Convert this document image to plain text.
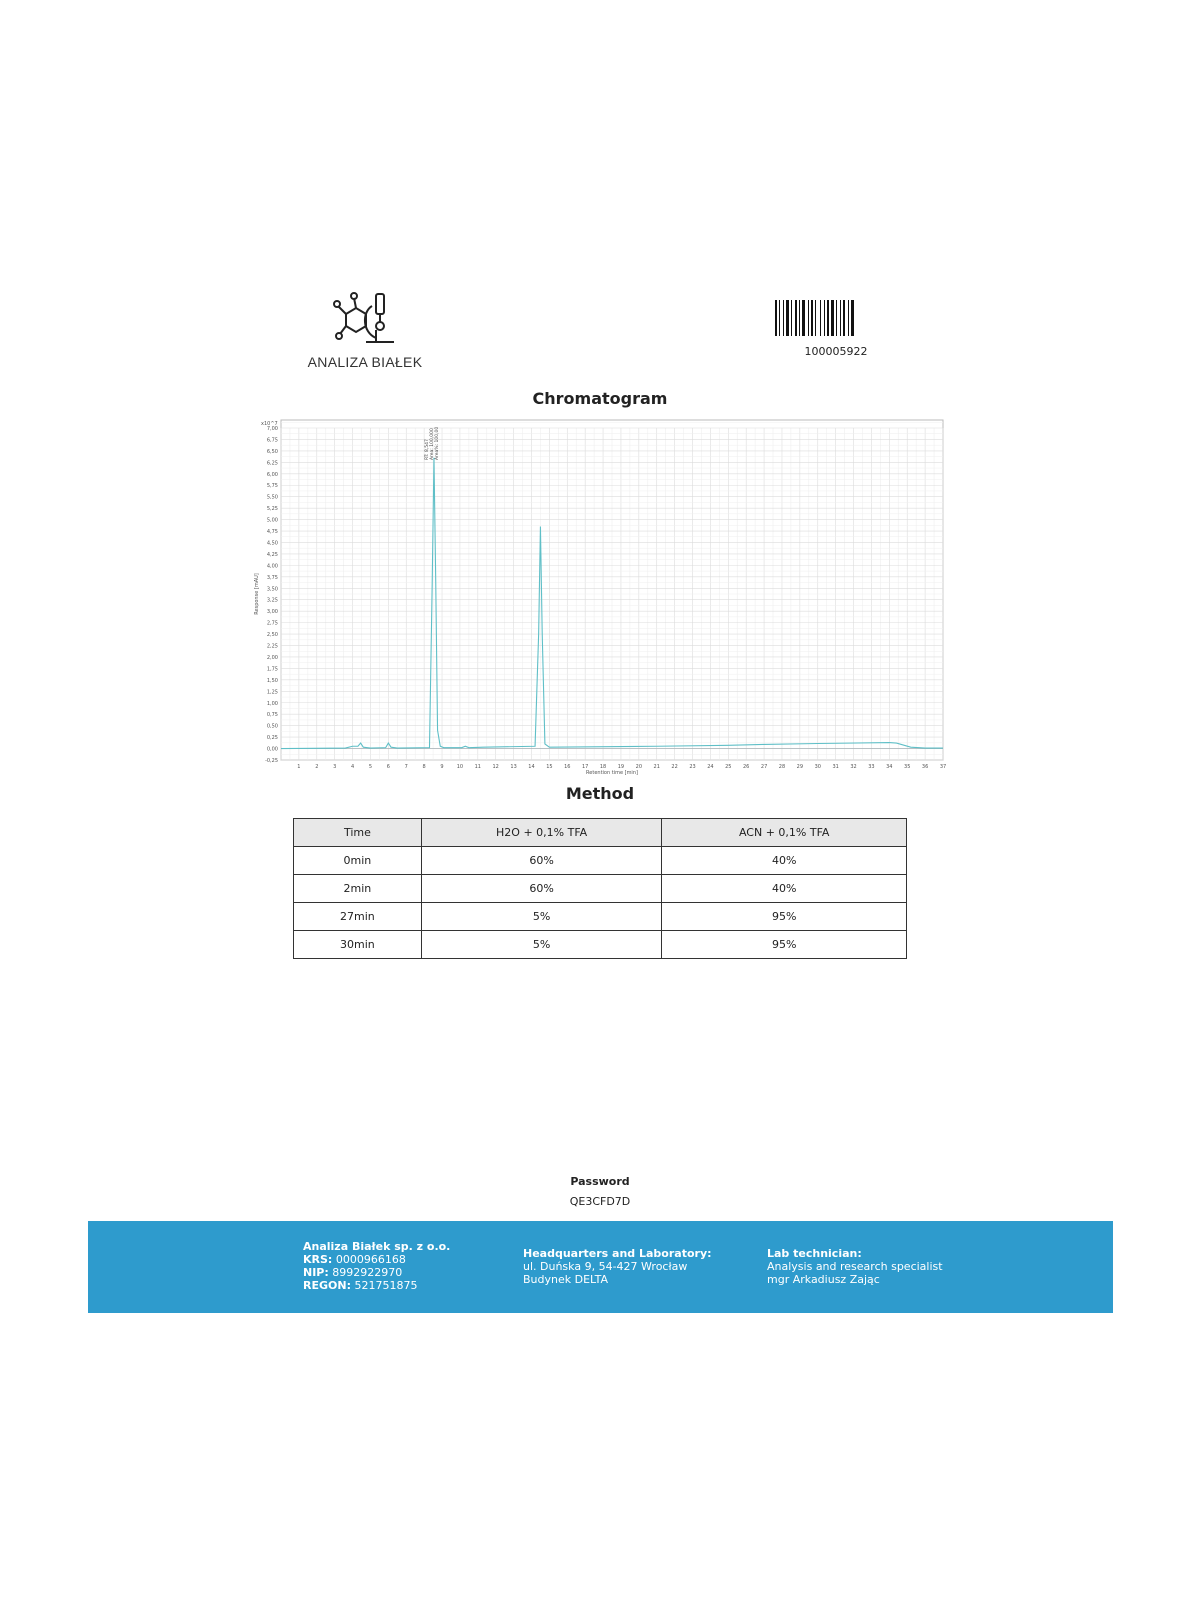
ANALIZA BIAŁEK
100005922
Chromatogram
-0,25
0,00
0,25
0,50
0,75
1,00
1,25
1,50
1,75
2,00
2,25
2,50
2,75
3,00
3,25
3,50
3,75
4,00
4,25
4,50
4,75
5,00
5,25
5,50
5,75
6,00
6,25
6,50
6,75
7,00
x10^7
1	2	3	4	5	6	7	8	9	10 11 12 13 14 15 16 17 18 19 20 21 22 23 24 25 26 27 28 29 30 31 32 33 34 35 36 37
Retention time [min]
Response [mAU]
RT: 8,547 Area: 100,000 Area%: 100,00
Method
Time	H2O + 0,1% TFA	ACN + 0,1% TFA
0min	60%	40%
2min	60%	40%
27min	5%	95%
30min	5%	95%
Password
QE3CFD7D
Analiza Białek sp. z o.o.
KRS: 0000966168
NIP: 8992922970
REGON: 521751875
Headquarters and Laboratory:
ul. Duńska 9, 54-427 Wrocław
Budynek DELTA
Lab technician:
Analysis and research specialist
mgr Arkadiusz Zając
